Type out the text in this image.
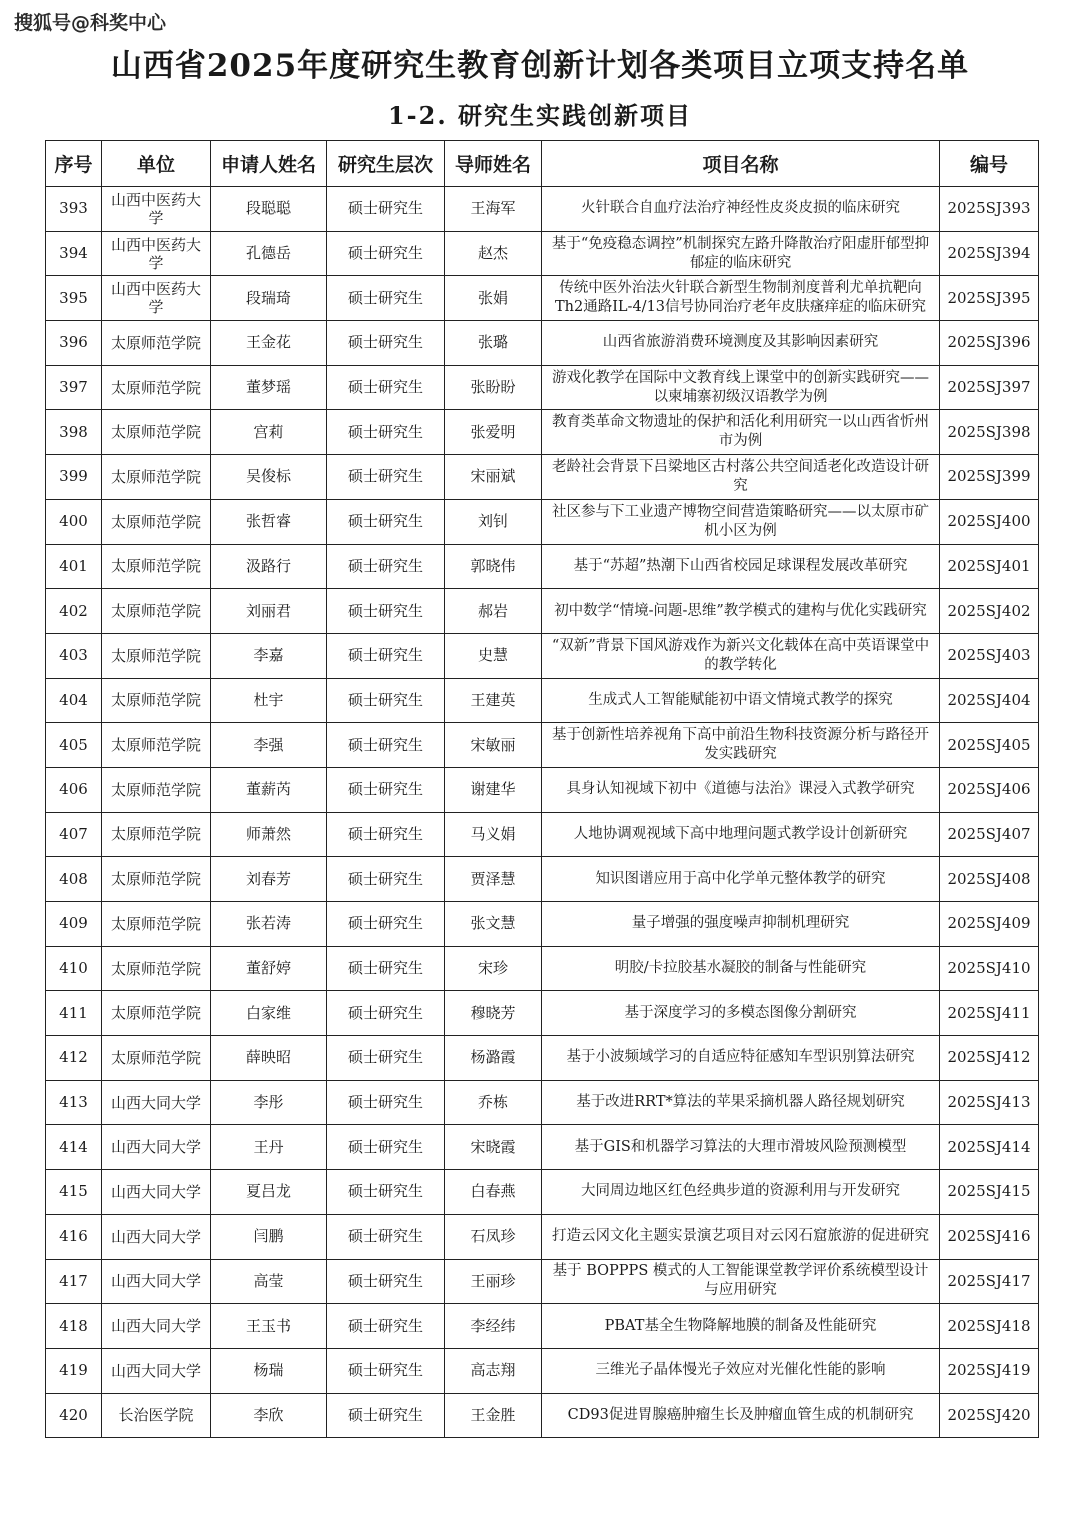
搜狐号@科奖中心
山西省2025年度研究生教育创新计划各类项目立项支持名单
1-2. 研究生实践创新项目
序号	单位	申请人姓名	研究生层次	导师姓名	项目名称	编号
393	山西中医药大学	段聪聪	硕士研究生	王海军	火针联合自血疗法治疗神经性皮炎皮损的临床研究	2025SJ393
394	山西中医药大学	孔德岳	硕士研究生	赵杰	基于“免疫稳态调控”机制探究左路升降散治疗阳虚肝郁型抑郁症的临床研究	2025SJ394
395	山西中医药大学	段瑞琦	硕士研究生	张娟	传统中医外治法火针联合新型生物制剂度普利尤单抗靶向Th2通路IL-4/13信号协同治疗老年皮肤瘙痒症的临床研究	2025SJ395
396	太原师范学院	王金花	硕士研究生	张璐	山西省旅游消费环境测度及其影响因素研究	2025SJ396
397	太原师范学院	董梦瑶	硕士研究生	张盼盼	游戏化教学在国际中文教育线上课堂中的创新实践研究——以柬埔寨初级汉语教学为例	2025SJ397
398	太原师范学院	宫莉	硕士研究生	张爱明	教育类革命文物遗址的保护和活化利用研究一以山西省忻州市为例	2025SJ398
399	太原师范学院	吴俊标	硕士研究生	宋丽斌	老龄社会背景下吕梁地区古村落公共空间适老化改造设计研究	2025SJ399
400	太原师范学院	张哲睿	硕士研究生	刘钊	社区参与下工业遗产博物空间营造策略研究——以太原市矿机小区为例	2025SJ400
401	太原师范学院	汲路行	硕士研究生	郭晓伟	基于“苏超”热潮下山西省校园足球课程发展改革研究	2025SJ401
402	太原师范学院	刘丽君	硕士研究生	郝岩	初中数学“情境-问题-思维”教学模式的建构与优化实践研究	2025SJ402
403	太原师范学院	李嘉	硕士研究生	史慧	“双新”背景下国风游戏作为新兴文化载体在高中英语课堂中的教学转化	2025SJ403
404	太原师范学院	杜宇	硕士研究生	王建英	生成式人工智能赋能初中语文情境式教学的探究	2025SJ404
405	太原师范学院	李强	硕士研究生	宋敏丽	基于创新性培养视角下高中前沿生物科技资源分析与路径开发实践研究	2025SJ405
406	太原师范学院	董薪芮	硕士研究生	谢建华	具身认知视域下初中《道德与法治》课浸入式教学研究	2025SJ406
407	太原师范学院	师萧然	硕士研究生	马义娟	人地协调观视域下高中地理问题式教学设计创新研究	2025SJ407
408	太原师范学院	刘春芳	硕士研究生	贾泽慧	知识图谱应用于高中化学单元整体教学的研究	2025SJ408
409	太原师范学院	张若涛	硕士研究生	张文慧	量子增强的强度噪声抑制机理研究	2025SJ409
410	太原师范学院	董舒婷	硕士研究生	宋珍	明胶/卡拉胶基水凝胶的制备与性能研究	2025SJ410
411	太原师范学院	白家维	硕士研究生	穆晓芳	基于深度学习的多模态图像分割研究	2025SJ411
412	太原师范学院	薛映昭	硕士研究生	杨潞霞	基于小波频域学习的自适应特征感知车型识别算法研究	2025SJ412
413	山西大同大学	李彤	硕士研究生	乔栋	基于改进RRT*算法的苹果采摘机器人路径规划研究	2025SJ413
414	山西大同大学	王丹	硕士研究生	宋晓霞	基于GIS和机器学习算法的大理市滑坡风险预测模型	2025SJ414
415	山西大同大学	夏吕龙	硕士研究生	白春燕	大同周边地区红色经典步道的资源利用与开发研究	2025SJ415
416	山西大同大学	闫鹏	硕士研究生	石凤珍	打造云冈文化主题实景演艺项目对云冈石窟旅游的促进研究	2025SJ416
417	山西大同大学	高莹	硕士研究生	王丽珍	基于 BOPPPS 模式的人工智能课堂教学评价系统模型设计与应用研究	2025SJ417
418	山西大同大学	王玉书	硕士研究生	李经纬	PBAT基全生物降解地膜的制备及性能研究	2025SJ418
419	山西大同大学	杨瑞	硕士研究生	高志翔	三维光子晶体慢光子效应对光催化性能的影响	2025SJ419
420	长治医学院	李欣	硕士研究生	王金胜	CD93促进胃腺癌肿瘤生长及肿瘤血管生成的机制研究	2025SJ420
